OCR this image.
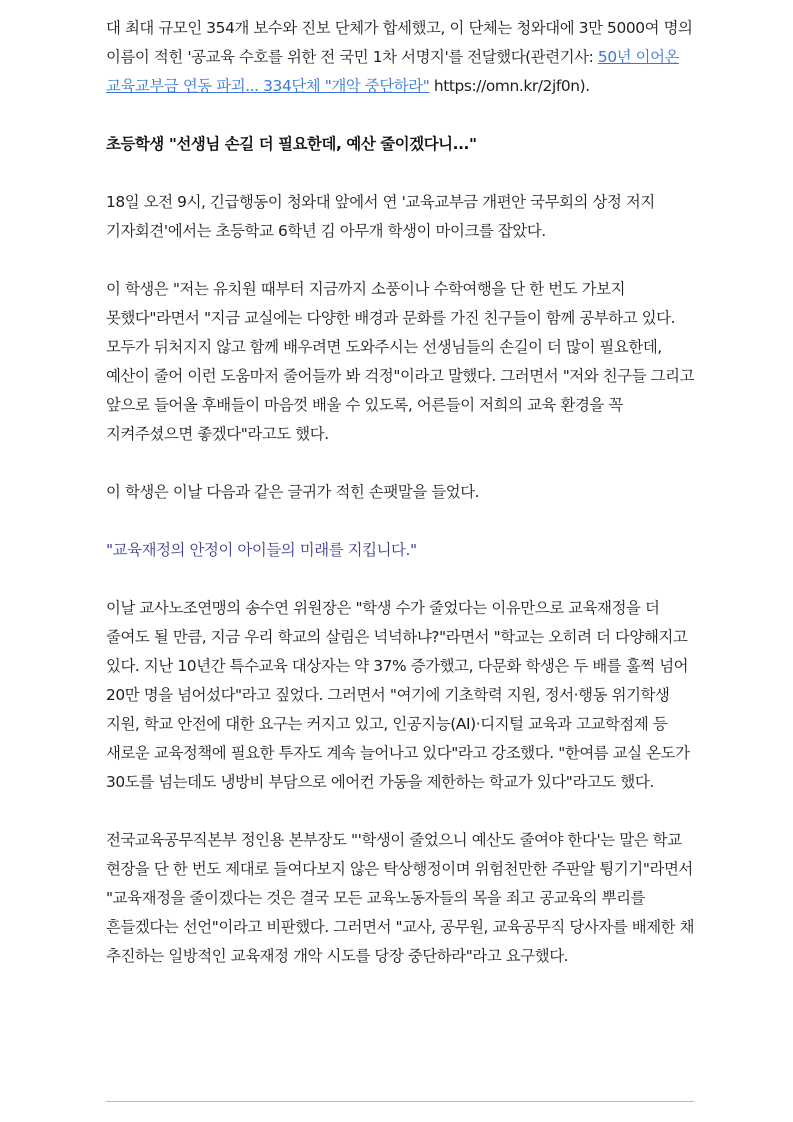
대 최대 규모인 354개 보수와 진보 단체가 합세했고, 이 단체는 청와대에 3만 5000여 명의 이름이 적힌 '공교육 수호를 위한 전 국민 1차 서명지'를 전달했다(관련기사: 50년 이어온 교육교부금 연동 파괴... 334단체 "개악 중단하라" https://omn.kr/2jf0n).

초등학생 "선생님 손길 더 필요한데, 예산 줄이겠다니..."

18일 오전 9시, 긴급행동이 청와대 앞에서 연 '교육교부금 개편안 국무회의 상정 저지 기자회견'에서는 초등학교 6학년 김 아무개 학생이 마이크를 잡았다.

이 학생은 "저는 유치원 때부터 지금까지 소풍이나 수학여행을 단 한 번도 가보지 못했다"라면서 "지금 교실에는 다양한 배경과 문화를 가진 친구들이 함께 공부하고 있다. 모두가 뒤처지지 않고 함께 배우려면 도와주시는 선생님들의 손길이 더 많이 필요한데, 예산이 줄어 이런 도움마저 줄어들까 봐 걱정"이라고 말했다. 그러면서 "저와 친구들 그리고 앞으로 들어올 후배들이 마음껏 배울 수 있도록, 어른들이 저희의 교육 환경을 꼭 지켜주셨으면 좋겠다"라고도 했다.

이 학생은 이날 다음과 같은 글귀가 적힌 손팻말을 들었다.

"교육재정의 안정이 아이들의 미래를 지킵니다."

이날 교사노조연맹의 송수연 위원장은 "학생 수가 줄었다는 이유만으로 교육재정을 더 줄여도 될 만큼, 지금 우리 학교의 살림은 넉넉하냐?"라면서 "학교는 오히려 더 다양해지고 있다. 지난 10년간 특수교육 대상자는 약 37% 증가했고, 다문화 학생은 두 배를 훌쩍 넘어 20만 명을 넘어섰다"라고 짚었다. 그러면서 "여기에 기초학력 지원, 정서·행동 위기학생 지원, 학교 안전에 대한 요구는 커지고 있고, 인공지능(AI)·디지털 교육과 고교학점제 등 새로운 교육정책에 필요한 투자도 계속 늘어나고 있다"라고 강조했다. "한여름 교실 온도가 30도를 넘는데도 냉방비 부담으로 에어컨 가동을 제한하는 학교가 있다"라고도 했다.

전국교육공무직본부 정인용 본부장도 "'학생이 줄었으니 예산도 줄여야 한다'는 말은 학교 현장을 단 한 번도 제대로 들여다보지 않은 탁상행정이며 위험천만한 주판알 튕기기"라면서 "교육재정을 줄이겠다는 것은 결국 모든 교육노동자들의 목을 죄고 공교육의 뿌리를 흔들겠다는 선언"이라고 비판했다. 그러면서 "교사, 공무원, 교육공무직 당사자를 배제한 채 추진하는 일방적인 교육재정 개악 시도를 당장 중단하라"라고 요구했다.
